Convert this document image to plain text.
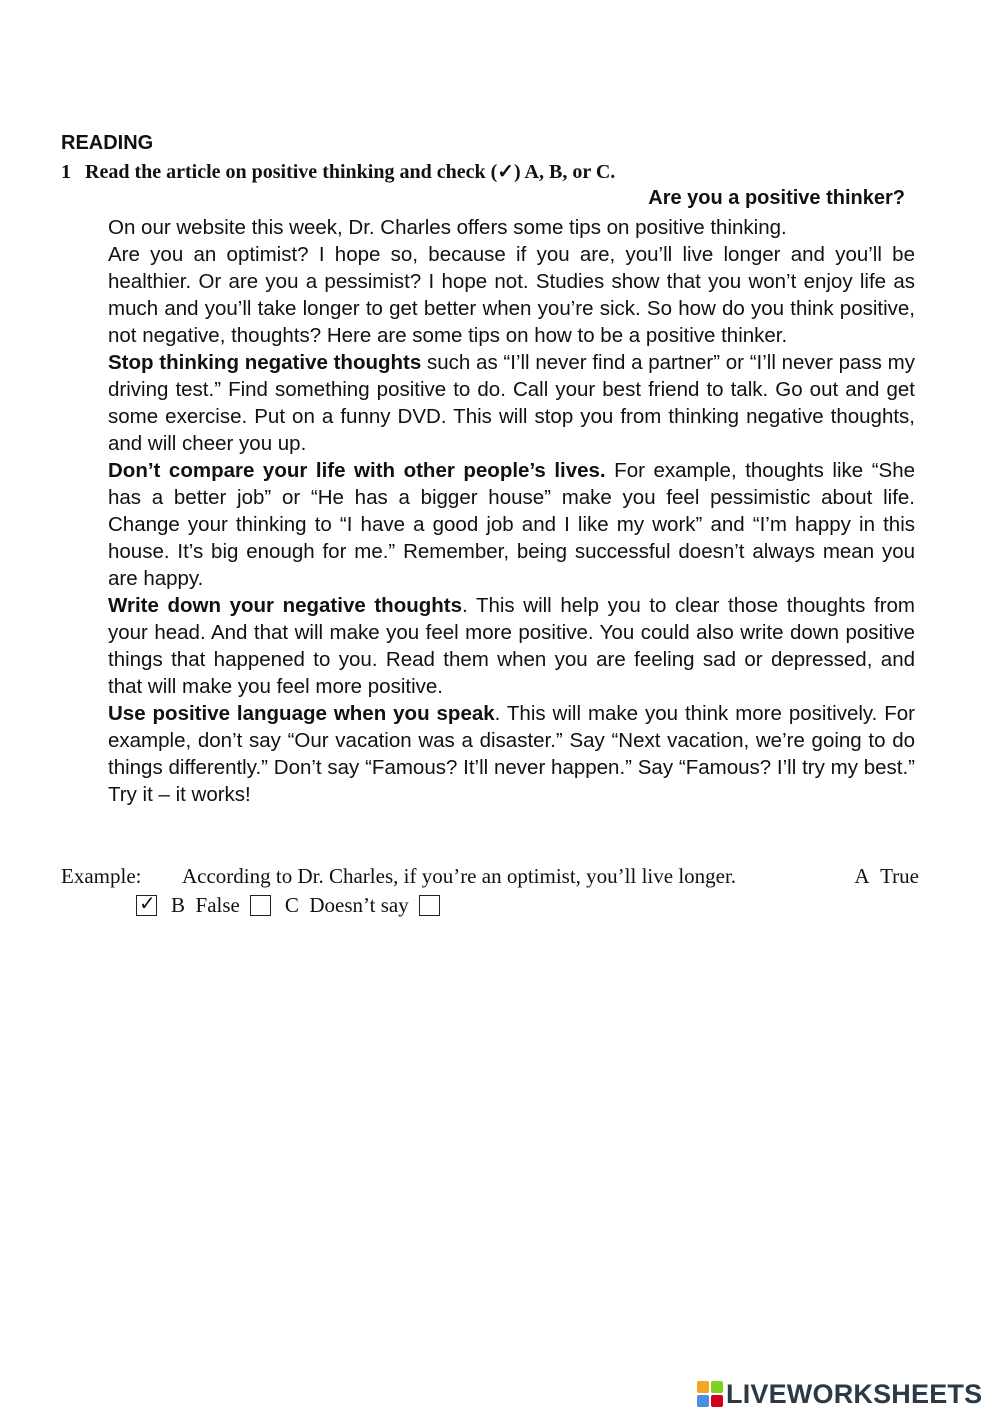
READING
1 Read the article on positive thinking and check (✓) A, B, or C.
Are you a positive thinker?

On our website this week, Dr. Charles offers some tips on positive thinking.

Are you an optimist? I hope so, because if you are, you’ll live longer and you’ll be healthier. Or are you a pessimist? I hope not. Studies show that you won’t enjoy life as much and you’ll take longer to get better when you’re sick. So how do you think positive, not negative, thoughts? Here are some tips on how to be a positive thinker.

Stop thinking negative thoughts such as “I’ll never find a partner” or “I’ll never pass my driving test.” Find something positive to do. Call your best friend to talk. Go out and get some exercise. Put on a funny DVD. This will stop you from thinking negative thoughts, and will cheer you up.

Don’t compare your life with other people’s lives. For example, thoughts like “She has a better job” or “He has a bigger house” make you feel pessimistic about life. Change your thinking to “I have a good job and I like my work” and “I’m happy in this house. It’s big enough for me.” Remember, being successful doesn’t always mean you are happy.

Write down your negative thoughts. This will help you to clear those thoughts from your head. And that will make you feel more positive. You could also write down positive things that happened to you. Read them when you are feeling sad or depressed, and that will make you feel more positive.

Use positive language when you speak. This will make you think more positively. For example, don’t say “Our vacation was a disaster.” Say “Next vacation, we’re going to do things differently.” Don’t say “Famous? It’ll never happen.” Say “Famous? I’ll try my best.” Try it – it works!

Example:	According to Dr. Charles, if you’re an optimist, you’ll live longer.	A True
✓ B False C Doesn’t say
LIVEWORKSHEETS
